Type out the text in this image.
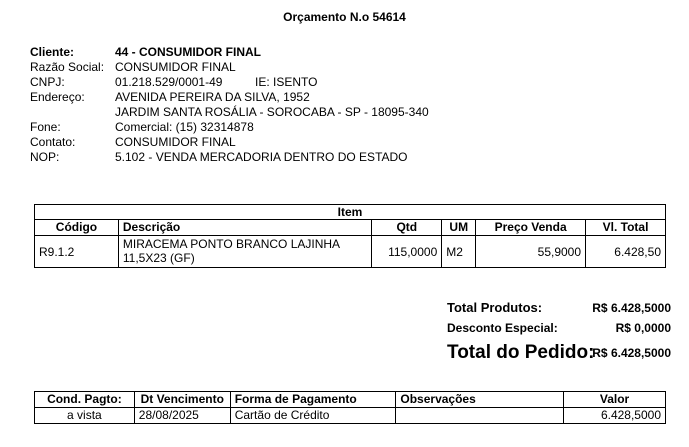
Orçamento N.o 54614
Cliente:	44 - CONSUMIDOR FINAL
Razão Social: CONSUMIDOR FINAL
CNPJ:	01.218.529/0001-49	IE: ISENTO
Endereço:	AVENIDA PEREIRA DA SILVA, 1952
JARDIM SANTA ROSÁLIA - SOROCABA - SP - 18095-340
Fone:	Comercial: (15) 32314878
Contato:	CONSUMIDOR FINAL
NOP:	5.102 - VENDA MERCADORIA DENTRO DO ESTADO
Item					
Código	Descrição	Qtd	UM	Preço Venda	Vl. Total
R9.1.2	MIRACEMA PONTO BRANCO LAJINHA
11,5X23 (GF)	115,0000	M2	55,9000	6.428,50
Total Produtos:	R$ 6.428,5000
Desconto Especial:	R$ 0,0000
Total do Pedido:
R$ 6.428,5000
Cond. Pagto:	Dt Vencimento	Forma de Pagamento	Observações	Valor
a vista	28/08/2025	Cartão de Crédito		6.428,5000
